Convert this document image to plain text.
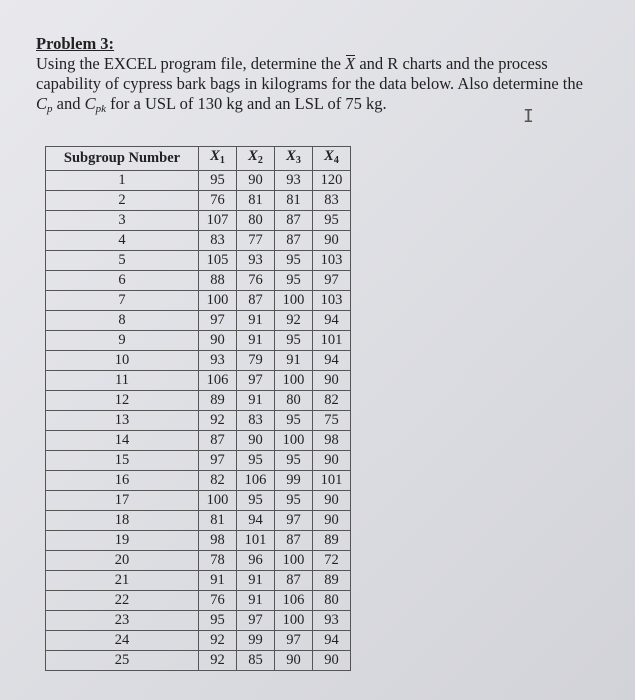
Problem 3:
Using the EXCEL program file, determine the X and R charts and the process
capability of cypress bark bags in kilograms for the data below. Also determine the
$C_p$ and $C_{pk}$ for a USL of 130 kg and an LSL of 75 kg.
I
Subgroup Number	$X_1$	$X_2$	$X_3$	$X_4$
1	95	90	93	120
2	76	81	81	83
3	107	80	87	95
4	83	77	87	90
5	105	93	95	103
6	88	76	95	97
7	100	87	100	103
8	97	91	92	94
9	90	91	95	101
10	93	79	91	94
11	106	97	100	90
12	89	91	80	82
13	92	83	95	75
14	87	90	100	98
15	97	95	95	90
16	82	106	99	101
17	100	95	95	90
18	81	94	97	90
19	98	101	87	89
20	78	96	100	72
21	91	91	87	89
22	76	91	106	80
23	95	97	100	93
24	92	99	97	94
25	92	85	90	90
